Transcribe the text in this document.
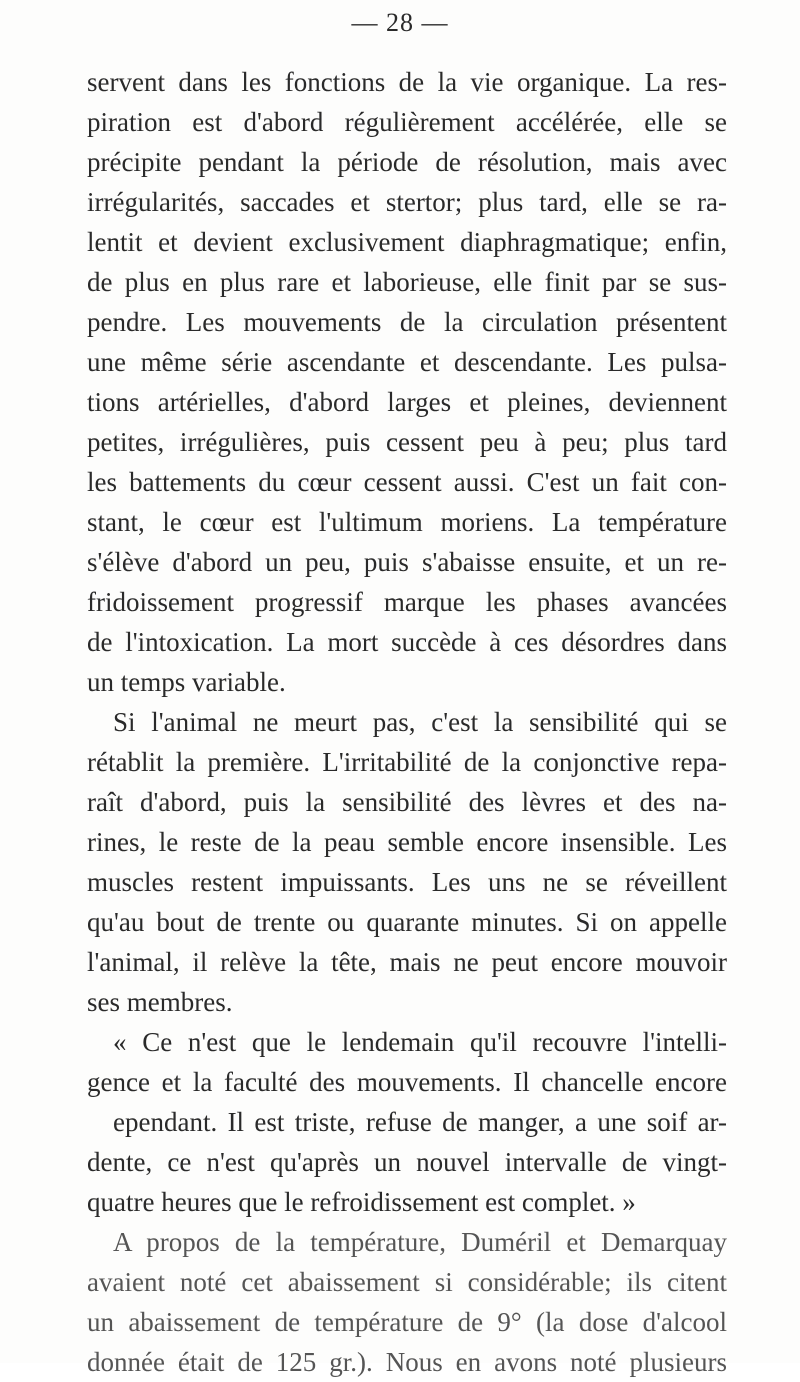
— 28 —
servent dans les fonctions de la vie organique. La res-
piration est d'abord régulièrement accélérée, elle se
précipite pendant la période de résolution, mais avec
irrégularités, saccades et stertor; plus tard, elle se ra-
lentit et devient exclusivement diaphragmatique; enfin,
de plus en plus rare et laborieuse, elle finit par se sus-
pendre. Les mouvements de la circulation présentent
une même série ascendante et descendante. Les pulsa-
tions artérielles, d'abord larges et pleines, deviennent
petites, irrégulières, puis cessent peu à peu; plus tard
les battements du cœur cessent aussi. C'est un fait con-
stant, le cœur est l'ultimum moriens. La température
s'élève d'abord un peu, puis s'abaisse ensuite, et un re-
fridoissement progressif marque les phases avancées
de l'intoxication. La mort succède à ces désordres dans
un temps variable.
Si l'animal ne meurt pas, c'est la sensibilité qui se
rétablit la première. L'irritabilité de la conjonctive repa-
raît d'abord, puis la sensibilité des lèvres et des na-
rines, le reste de la peau semble encore insensible. Les
muscles restent impuissants. Les uns ne se réveillent
qu'au bout de trente ou quarante minutes. Si on appelle
l'animal, il relève la tête, mais ne peut encore mouvoir
ses membres.
« Ce n'est que le lendemain qu'il recouvre l'intelli-
gence et la faculté des mouvements. Il chancelle encore
ependant. Il est triste, refuse de manger, a une soif ar-
dente, ce n'est qu'après un nouvel intervalle de vingt-
quatre heures que le refroidissement est complet. »
A propos de la température, Duméril et Demarquay
avaient noté cet abaissement si considérable; ils citent
un abaissement de température de 9° (la dose d'alcool
donnée était de 125 gr.). Nous en avons noté plusieurs
